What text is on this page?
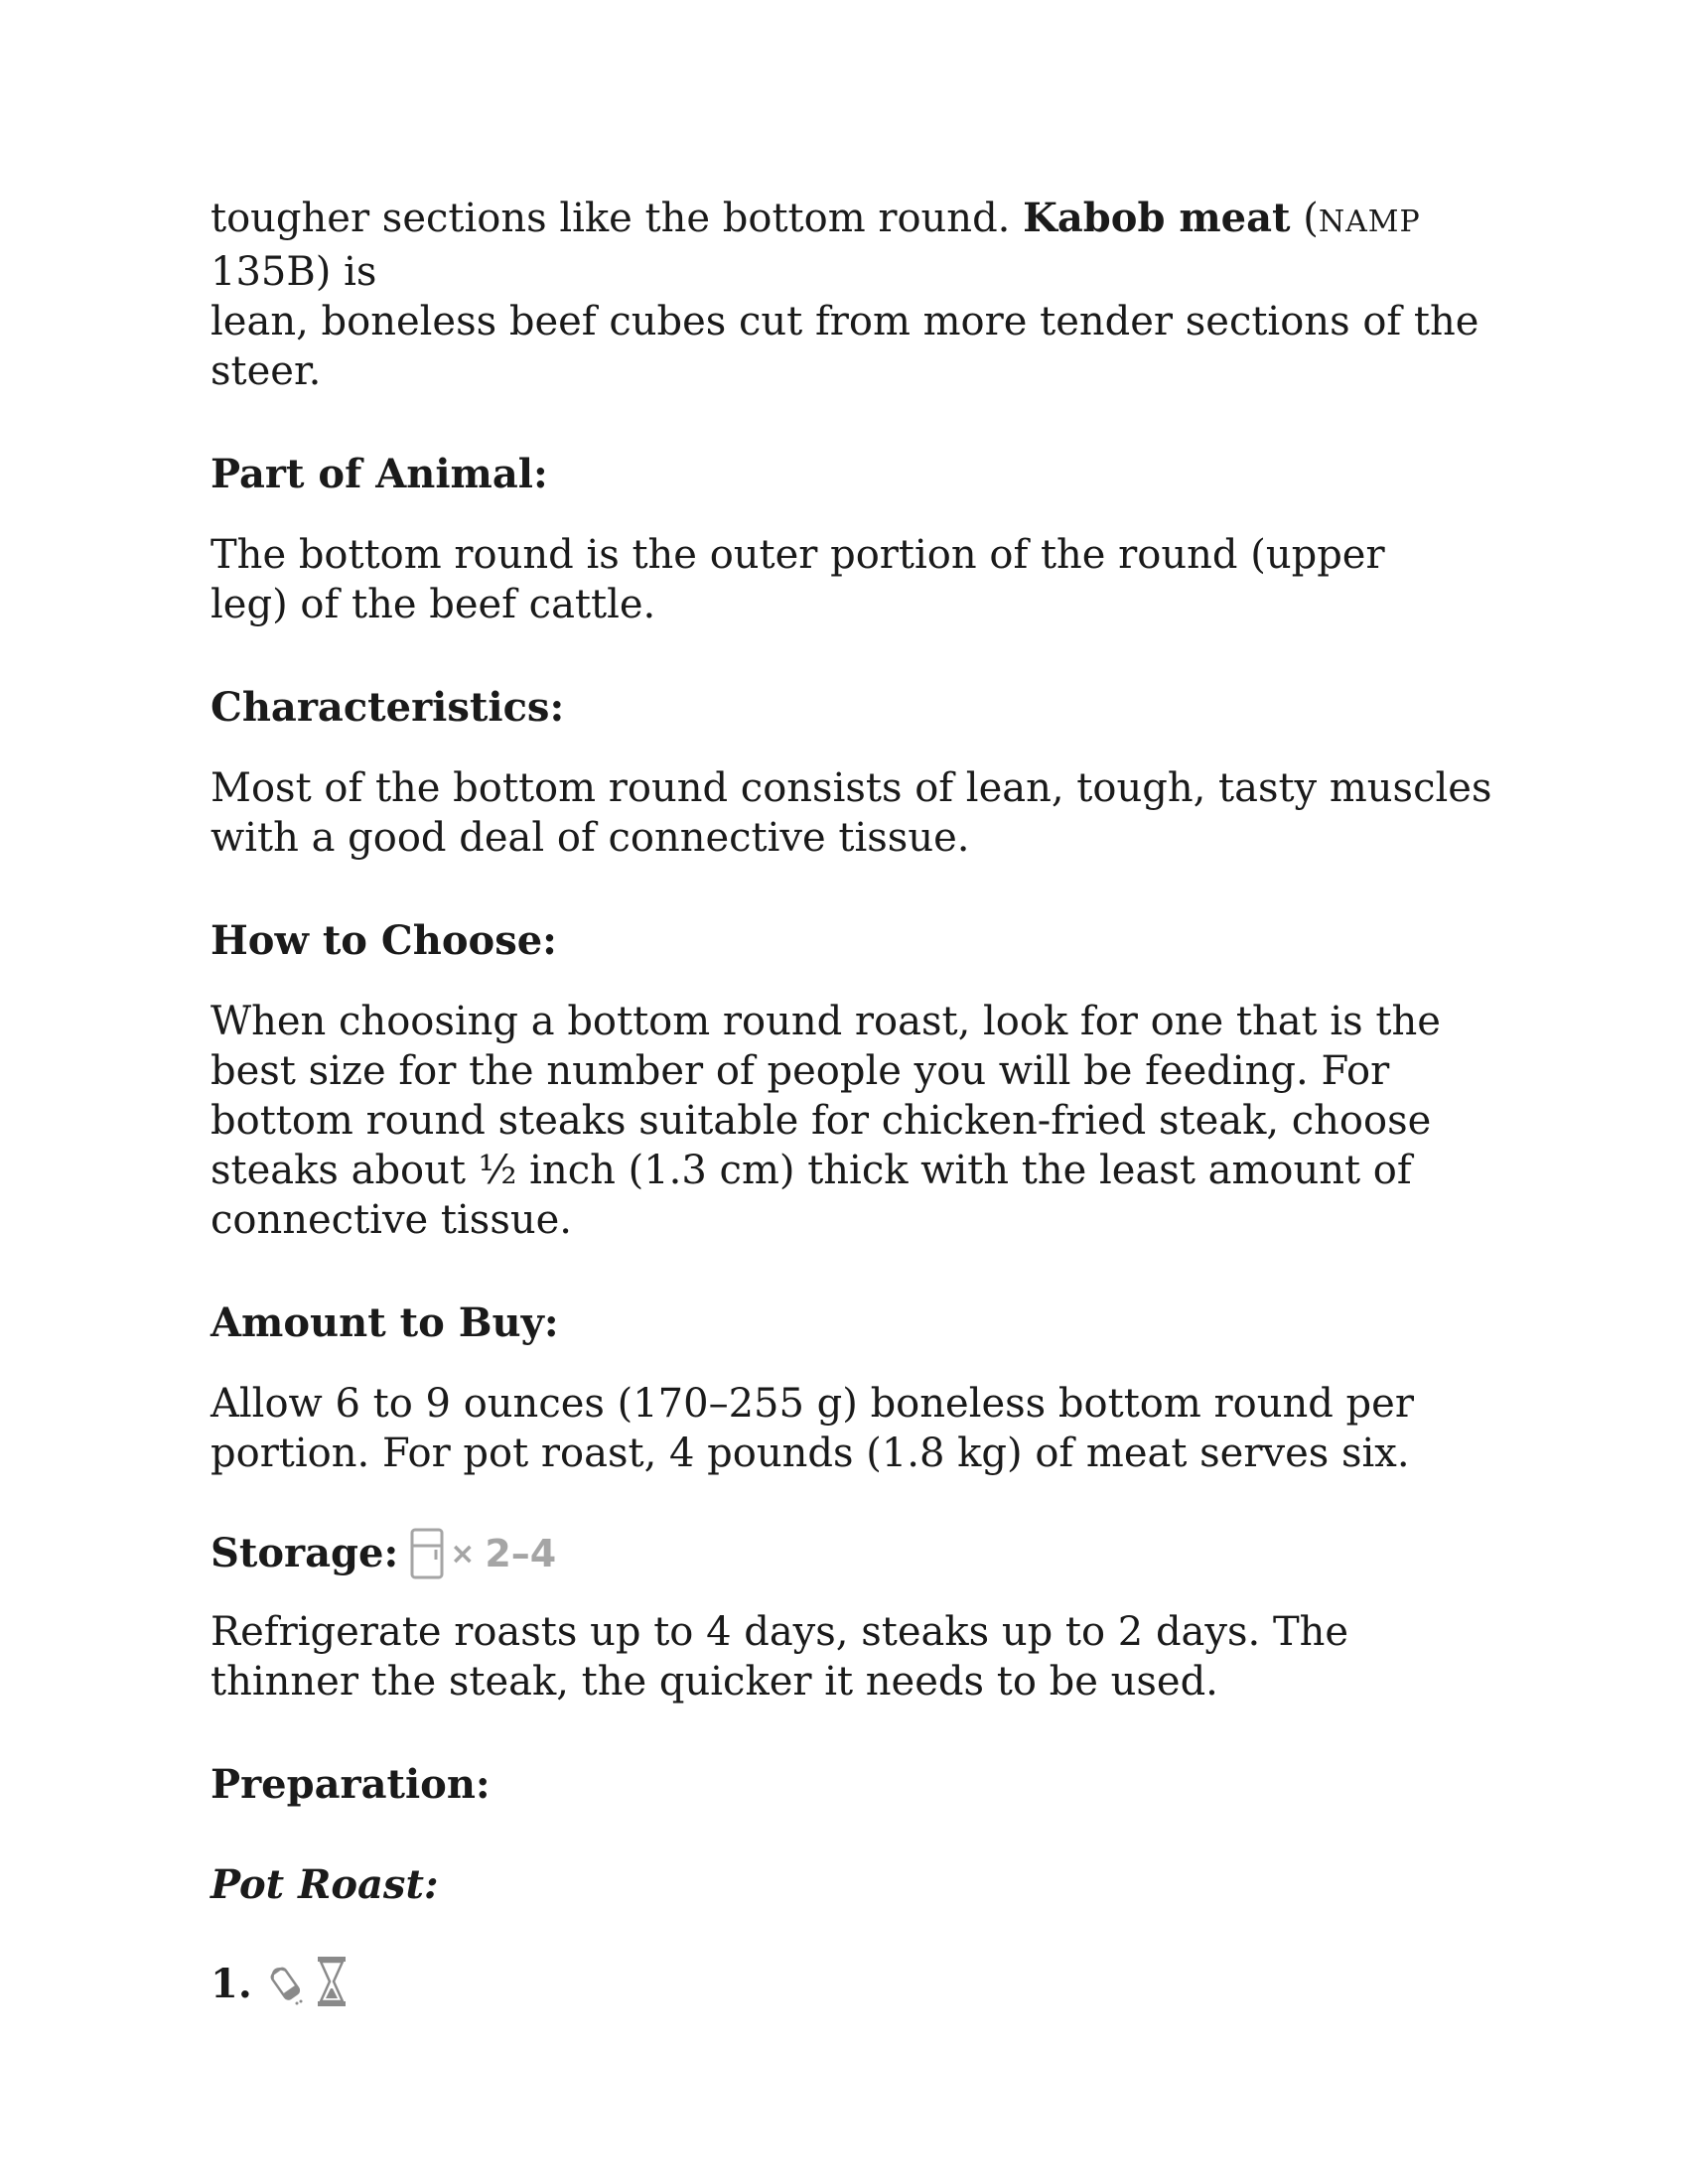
tougher sections like the bottom round. Kabob meat (NAMP 135B) is
lean, boneless beef cubes cut from more tender sections of the steer.

Part of Animal:

The bottom round is the outer portion of the round (upper leg) of the beef cattle.

Characteristics:

Most of the bottom round consists of lean, tough, tasty muscles with a good deal of connective tissue.

How to Choose:

When choosing a bottom round roast, look for one that is the best size for the number of people you will be feeding. For bottom round steaks suitable for chicken-fried steak, choose steaks about ½ inch (1.3 cm) thick with the least amount of connective tissue.

Amount to Buy:

Allow 6 to 9 ounces (170–255 g) boneless bottom round per portion. For pot roast, 4 pounds (1.8 kg) of meat serves six.

Storage: × 2–4

Refrigerate roasts up to 4 days, steaks up to 2 days. The thinner the steak, the quicker it needs to be used.

Preparation:
Pot Roast:
1.
